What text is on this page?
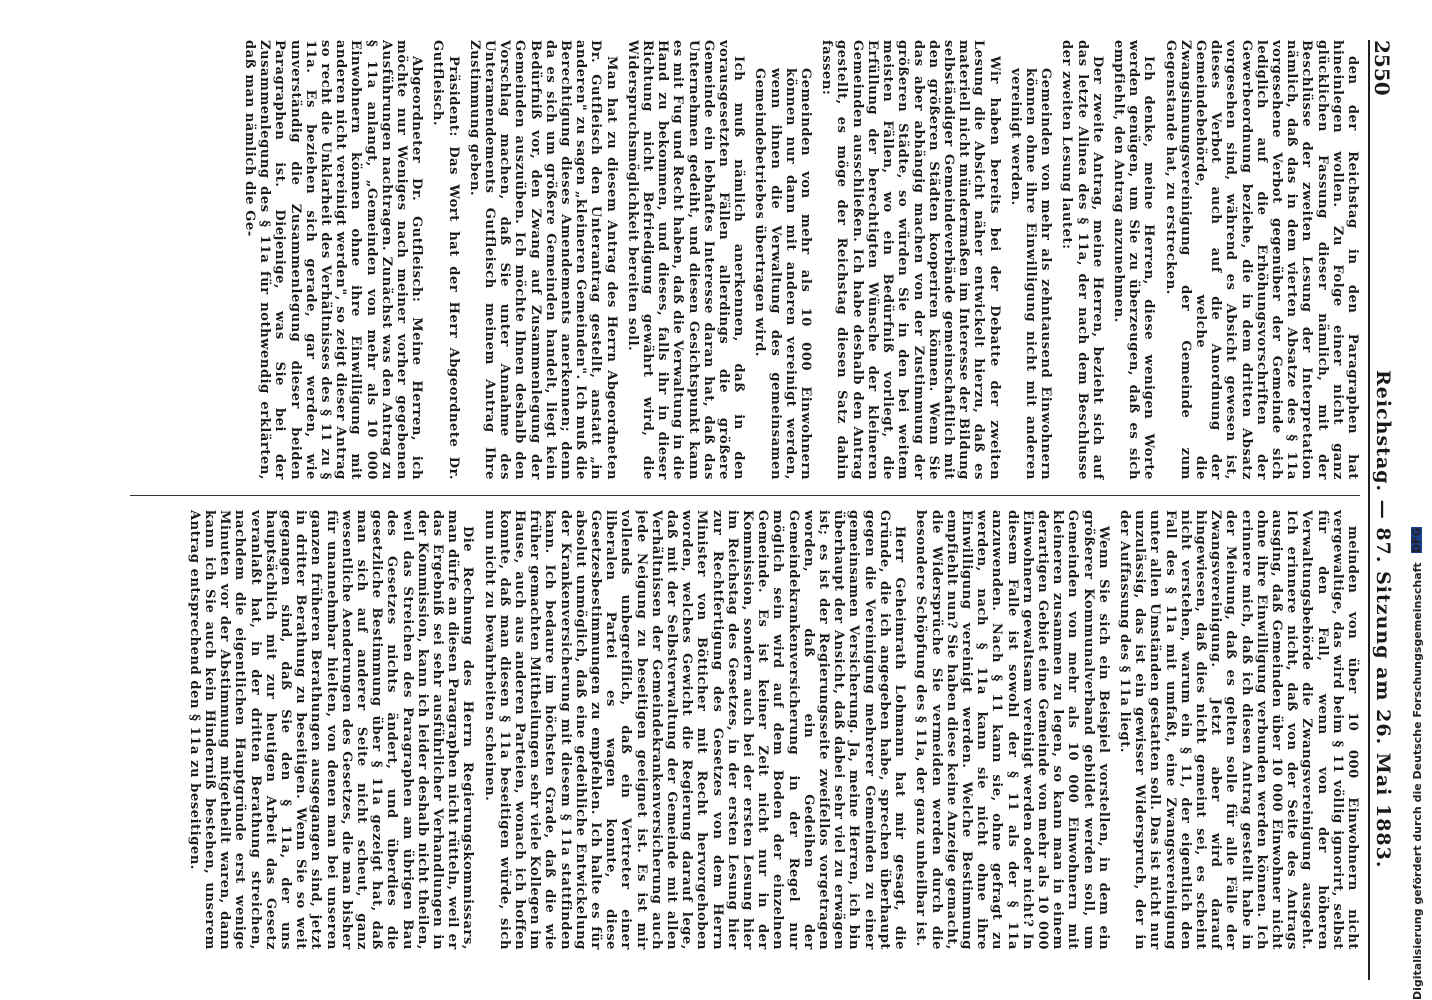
2550
Reichstag. — 87. Sitzung am 26. Mai 1883.

den der Reichstag in den Paragraphen hat hineinlegen wollen. Zu Folge einer nicht ganz glücklichen Fassung dieser nämlich, mit der Beschlüsse der zweiten Lesung der Interpretation nämlich, daß das in dem vierten Absatze des § 11a vorgesehene Verbot gegenüber der Gemeinde sich lediglich auf die Erhöhungsvorschriften der Gewerbeordnung beziehe, die in dem dritten Absatz vorgesehen sind, während es Absicht gewesen ist, dieses Verbot auch auf die Anordnung der Gemeindebehörde, welche die Zwangsinnungsvereinigung der Gemeinde zum Gegenstande hat, zu erstrecken.

Ich denke, meine Herren, diese wenigen Worte werden genügen, um Sie zu überzeugen, daß es sich empfiehlt, den Antrag anzunehmen.

Der zweite Antrag, meine Herren, bezieht sich auf das letzte Alinea des § 11a, der nach dem Beschlusse der zweiten Lesung lautet:

Gemeinden von mehr als zehntausend Einwohnern können ohne ihre Einwilligung nicht mit anderen vereinigt werden.

Wir haben bereits bei der Debatte der zweiten Lesung die Absicht näher entwickelt hierzu, daß es materiell nicht mündermaßen im Interesse der Bildung selbständiger Gemeindeverbände gemeinschaftlich mit den größeren Städten kooperiren können. Wenn Sie das aber abhängig machen von der Zustimmung der größeren Städte, so würden Sie in den bei weitem meisten Fällen, wo ein Bedürfniß vorliegt, die Erfüllung der berechtigten Wünsche der kleineren Gemeinden ausschließen. Ich habe deshalb den Antrag gestellt, es möge der Reichstag diesen Satz dahin fassen:

Gemeinden von mehr als 10 000 Einwohnern können nur dann mit anderen vereinigt werden, wenn ihnen die Verwaltung des gemeinsamen Gemeindebetriebes übertragen wird.

Ich muß nämlich anerkennen, daß in den vorausgesetzten Fällen allerdings die größere Gemeinde ein lebhaftes Interesse daran hat, daß das Unternehmen gedeiht, und diesen Gesichtspunkt kann es mit Fug und Recht haben, daß die Verwaltung in die Hand zu bekommen, und dieses, falls ihr in dieser Richtung nicht Befriedigung gewährt wird, die Widerspruchsmöglichkeit bereiten soll.

Man hat zu diesem Antrag des Herrn Abgeordneten Dr. Gutfleisch den Unterantrag gestellt, anstatt „in anderen" zu sagen „kleineren Gemeinden". Ich muß die Berechtigung dieses Amendements anerkennen; denn da es sich um größere Gemeinden handelt, liegt kein Bedürfniß vor, den Zwang auf Zusammenlegung der Gemeinden auszuüben. Ich möchte Ihnen deshalb den Vorschlag machen, daß Sie unter Annahme des Unteramendements Gutfleisch meinem Antrag Ihre Zustimmung geben.

Präsident: Das Wort hat der Herr Abgeordnete Dr. Gutfleisch.

Abgeordneter Dr. Gutfleisch: Meine Herren, ich möchte nur Weniges nach meiner vorher gegebenen Ausführungen nachtragen. Zunächst was den Antrag zu § 11a anlangt, „Gemeinden von mehr als 10 000 Einwohnern können ohne ihre Einwilligung mit anderen nicht vereinigt werden", so zeigt dieser Antrag so recht die Unklarheit des Verhältnisses des § 11 zu § 11a. Es beziehen sich gerade, gar werden, wie unverständig die Zusammenlegung dieser beiden Paragraphen ist. Diejenige, was Sie bei der Zusammenlegung des § 11a für nothwendig erklärten, daß man nämlich die Ge-

meinden von über 10 000 Einwohnern nicht vergewaltige, das wird beim § 11 völlig ignorirt, selbst für den Fall, wenn von der höheren Verwaltungsbehörde die Zwangsvereinigung ausgeht. Ich erinnere nicht, daß von der Seite des Antrags ausging, daß Gemeinden über 10 000 Einwohner nicht ohne ihre Einwilligung verbunden werden können. Ich erinnere mich, daß ich diesen Antrag gestellt habe in der Meinung, daß es gelten solle für alle Fälle der Zwangsvereinigung. Jetzt aber wird darauf hingewiesen, daß dies nicht gemeint sei, es scheint nicht verstehen, warum ein § 11, der eigentlich den Fall des § 11a mit umfaßt, eine Zwangsvereinigung unter allen Umständen gestatten soll. Das ist nicht nur unzulässig, das ist ein gewisser Widerspruch, der in der Auffassung des § 11a liegt.

Wenn Sie sich ein Beispiel vorstellen, in dem ein größerer Kommunalverband gebildet werden soll, um Gemeinden von mehr als 10 000 Einwohnern mit kleineren zusammen zu legen, so kann man in einem derartigen Gebiet eine Gemeinde von mehr als 10 000 Einwohnern gewaltsam vereinigt werden oder nicht? In diesem Falle ist sowohl der § 11 als der § 11a anzuwenden. Nach § 11 kann sie, ohne gefragt zu werden, nach § 11a kann sie nicht ohne ihre Einwilligung vereinigt werden. Welche Bestimmung empfiehlt nun? Sie haben diese keine Anzeige gemacht, die Widersprüche Sie vermeiden werden durch die besondere Schöpfung des § 11a, der ganz unheilbar ist.

Herr Geheimrath Lohmann hat mir gesagt, die Gründe, die ich angegeben habe, sprechen überhaupt gegen die Vereinigung mehrerer Gemeinden zu einer gemeinsamen Versicherung. Ja, meine Herren, ich bin überhaupt der Ansicht, daß dabei sehr viel zu erwägen ist; es ist der Regierungsseite zweifellos vorgetragen worden, daß ein Gedeihen der Gemeindekrankenversicherung in der Regel nur möglich sein wird auf dem Boden der einzelnen Gemeinde. Es ist keiner Zeit nicht nur in der Kommission, sondern auch bei der ersten Lesung hier im Reichstag des Gesetzes, in der ersten Lesung hier zur Rechtfertigung des Gesetzes von dem Herrn Minister von Bötticher mit Recht hervorgehoben worden, welches Gewicht die Regierung darauf lege, daß mit der Selbstverwaltung der Gemeinde mit allen Verhältnissen der Gemeindekrankenversicherung auch jede Neigung zu beseitigen geeignet ist. Es ist mir vollends unbegreiflich, daß ein Vertreter einer liberalen Partei es wagen konnte, diese Gesetzesbestimmungen zu empfehlen. Ich halte es für absolut unmöglich, daß eine gedeihliche Entwickelung der Krankenversicherung mit diesem § 11a stattfinden kann. Ich bedaure im höchsten Grade, daß die wie früher gemachten Mittheilungen sehr viele Kollegen im Hause, auch aus anderen Parteien, wonach ich hoffen konnte, daß man diesen § 11a beseitigen würde, sich nun nicht zu bewahrheiten scheinen.

Die Rechnung des Herrn Regierungskommissars, man dürfe an diesen Paragraphen nicht rütteln, weil er das Ergebniß sei sehr ausführlicher Verhandlungen in der Kommission, kann ich leider deshalb nicht theilen, weil das Streichen des Paragraphen am übrigen Bau des Gesetzes nichts ändert, und überdies die gesetzliche Bestimmung über § 11a gezeigt hat, daß man sich auf anderer Seite nicht scheut, ganz wesentliche Aenderungen des Gesetzes, die man bisher für unannehmbar hielten, von denen man bei unseren ganzen früheren Berathungen ausgegangen sind, jetzt in dritter Berathung zu beseitigen. Wenn Sie so weit gegangen sind, daß Sie den § 11a, der uns hauptsächlich mit zur heutigen Arbeit das Gesetz veranlaßt hat, in der dritten Berathung streichen, nachdem die eigentlichen Hauptgründe erst wenige Minuten vor der Abstimmung mitgetheilt waren, dann kann ich Sie auch kein Hinderniß bestehen, unserem Antrag entsprechend den § 11a zu beseitigen.	Digitalisierung gefördert durch die Deutsche Forschungsgemeinschaft DFG
